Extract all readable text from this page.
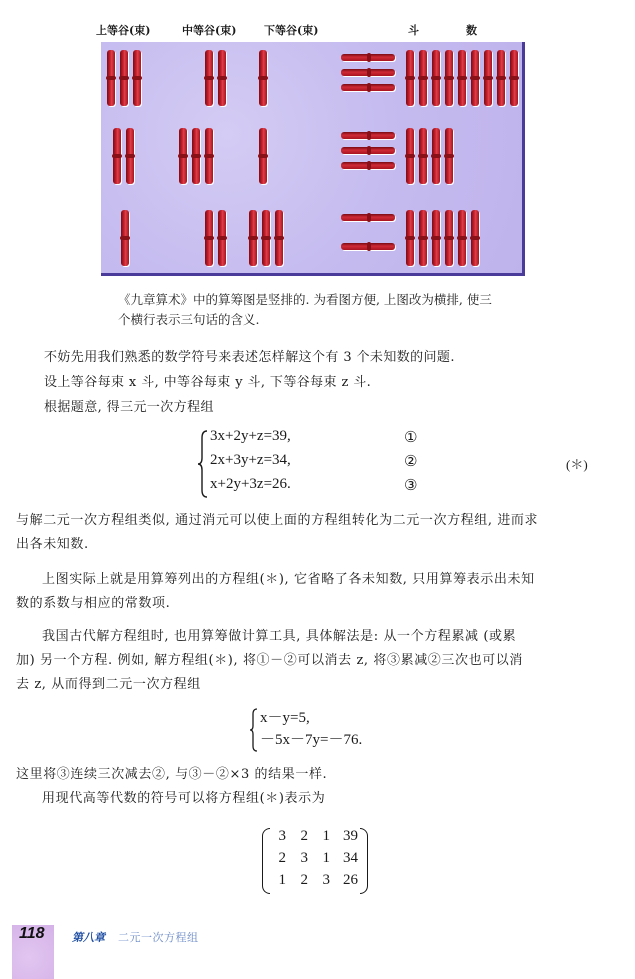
上等谷(束)	中等谷(束)	下等谷(束)	斗	数
《九章算术》中的算筹图是竖排的. 为看图方便, 上图改为横排, 使三
个横行表示三句话的含义.
不妨先用我们熟悉的数学符号来表述怎样解这个有 3 个未知数的问题.
设上等谷每束 x 斗, 中等谷每束 y 斗, 下等谷每束 z 斗.
根据题意, 得三元一次方程组
3x+2y+z=39,
2x+3y+z=34,
x+2y+3z=26.
①
②
③
(＊)
与解二元一次方程组类似, 通过消元可以使上面的方程组转化为二元一次方程组, 进而求
出各未知数.
上图实际上就是用算筹列出的方程组(＊), 它省略了各未知数, 只用算筹表示出未知
数的系数与相应的常数项.
我国古代解方程组时, 也用算筹做计算工具, 具体解法是: 从一个方程累减 (或累
加) 另一个方程. 例如, 解方程组(＊), 将①－②可以消去 z, 将③累减②三次也可以消
去 z, 从而得到二元一次方程组
x－y=5,
－5x－7y=－76.
这里将③连续三次减去②, 与③－②×3 的结果一样.
用现代高等代数的符号可以将方程组(＊)表示为
3 2 1 39
2 3 1 34
1 2 3 26
118 第八章 二元一次方程组
